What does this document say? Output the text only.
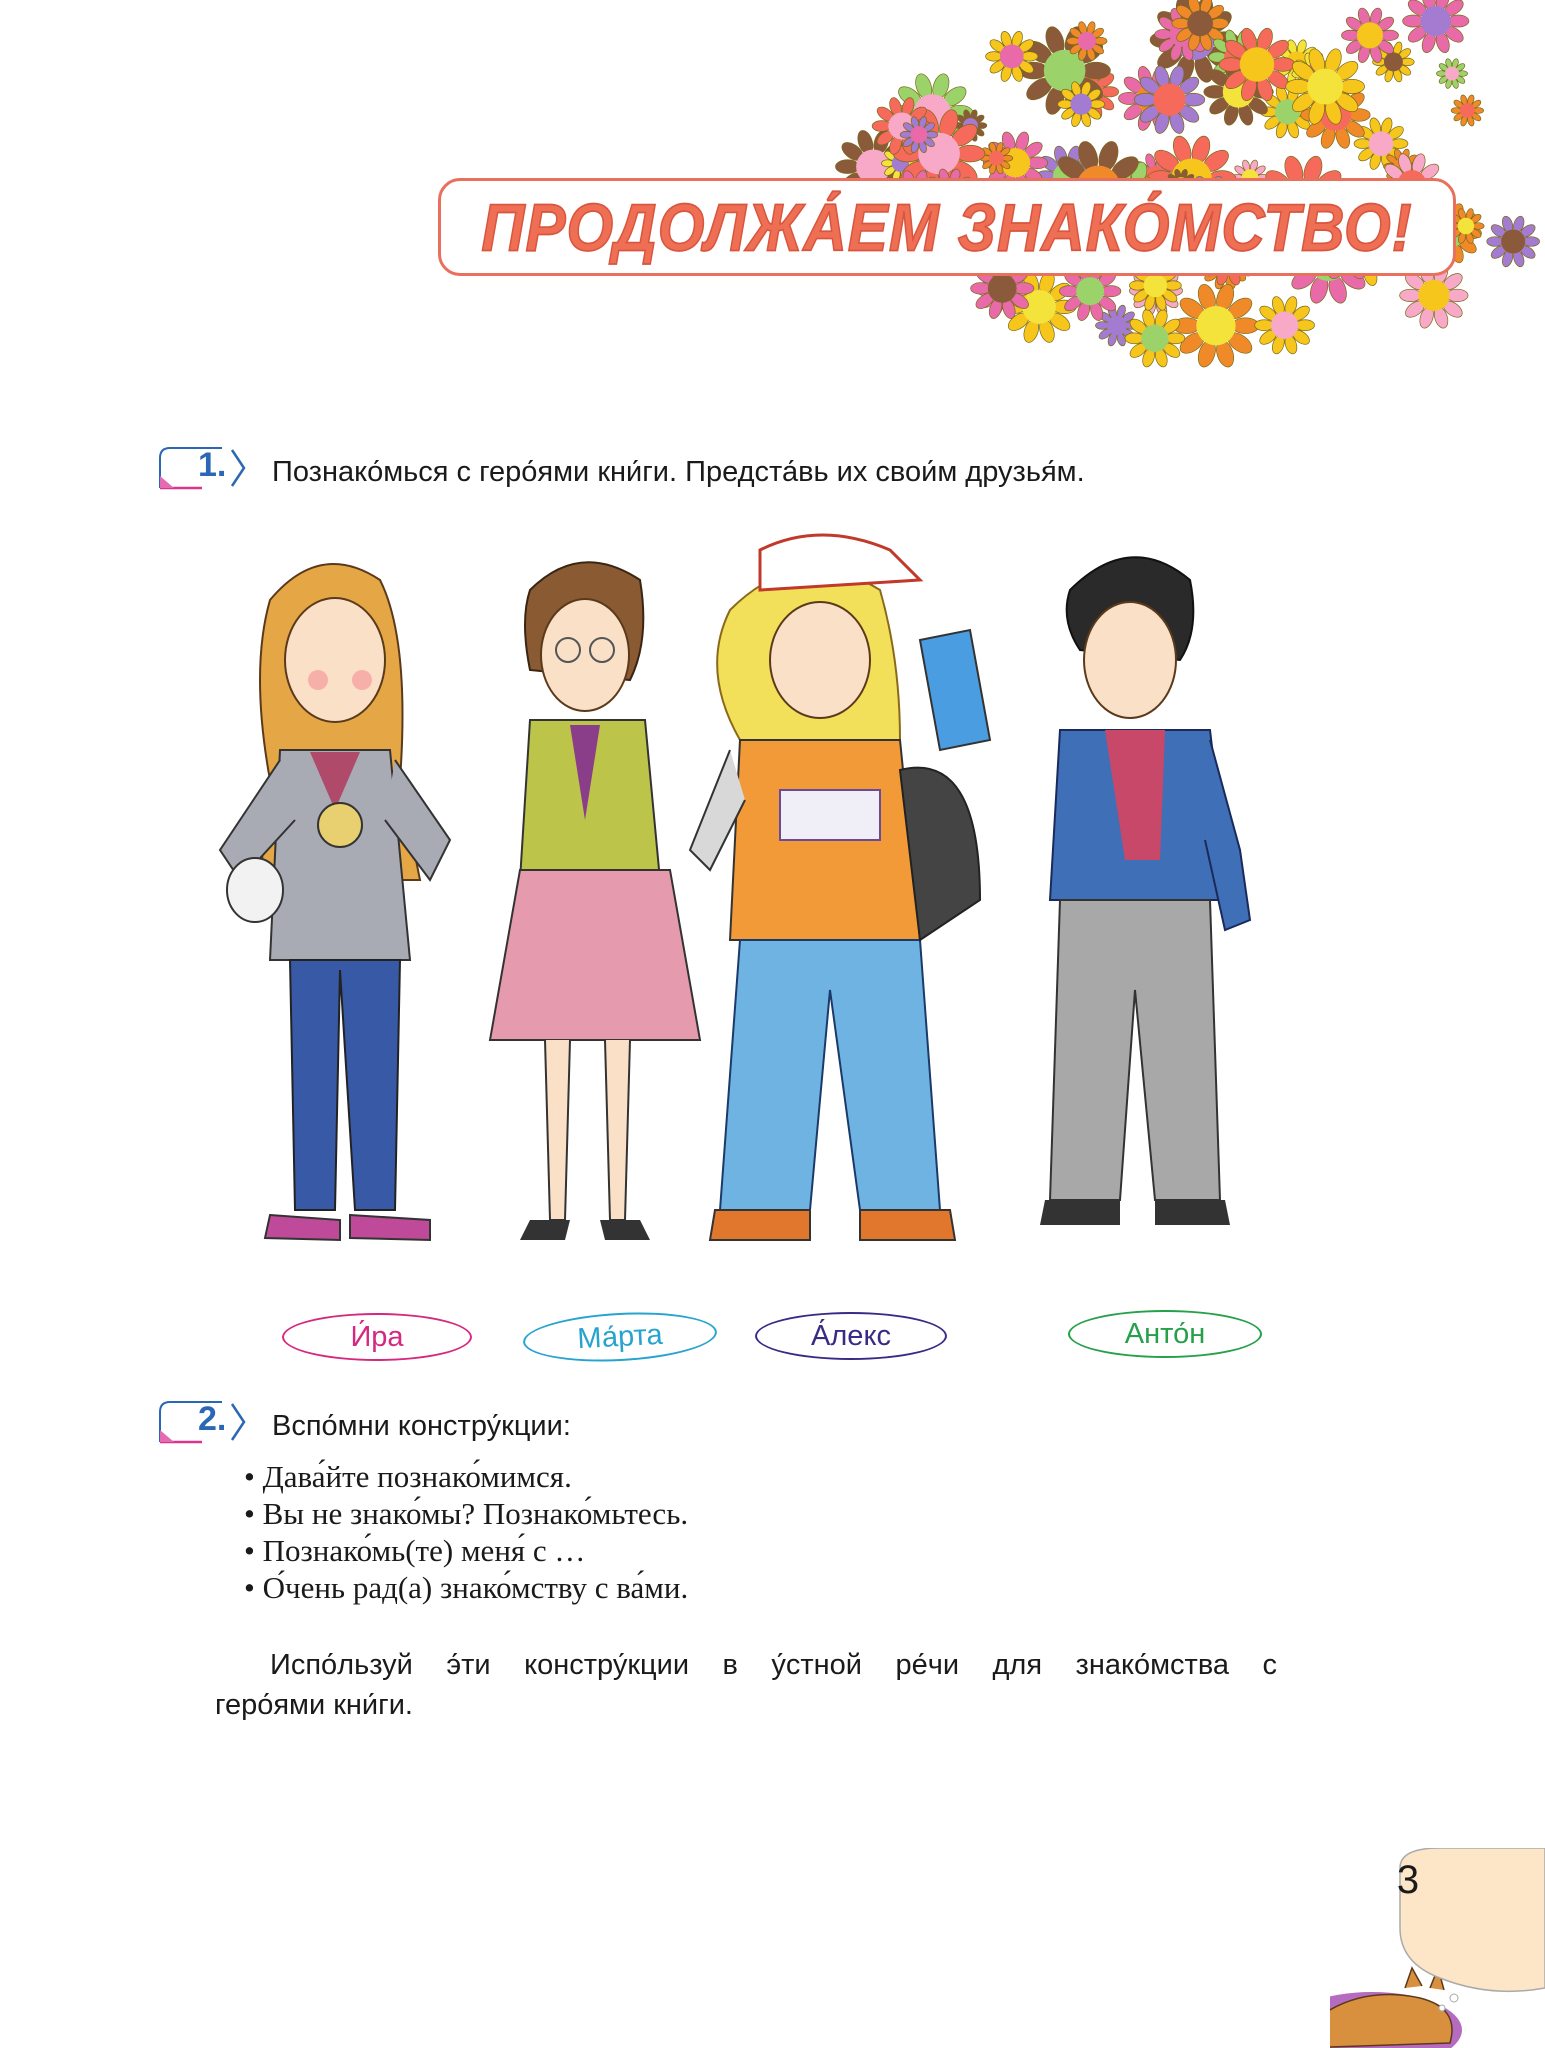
ПРОДОЛЖА́ЕМ ЗНАКО́МСТВО!
1. Познако́мься с геро́ями кни́ги. Предста́вь их свои́м друзья́м.
И́ра	Ма́рта	А́лекс	Анто́н
2. Вспо́мни констру́кции:
• Дава́йте познако́мимся.
• Вы не знако́мы? Познако́мьтесь.
• Познако́мь(те) меня́ с …
• О́чень рад(а) знако́мству с ва́ми.
Испо́льзуй э́ти констру́кции в у́стной ре́чи для знако́мства с
геро́ями кни́ги.
3
